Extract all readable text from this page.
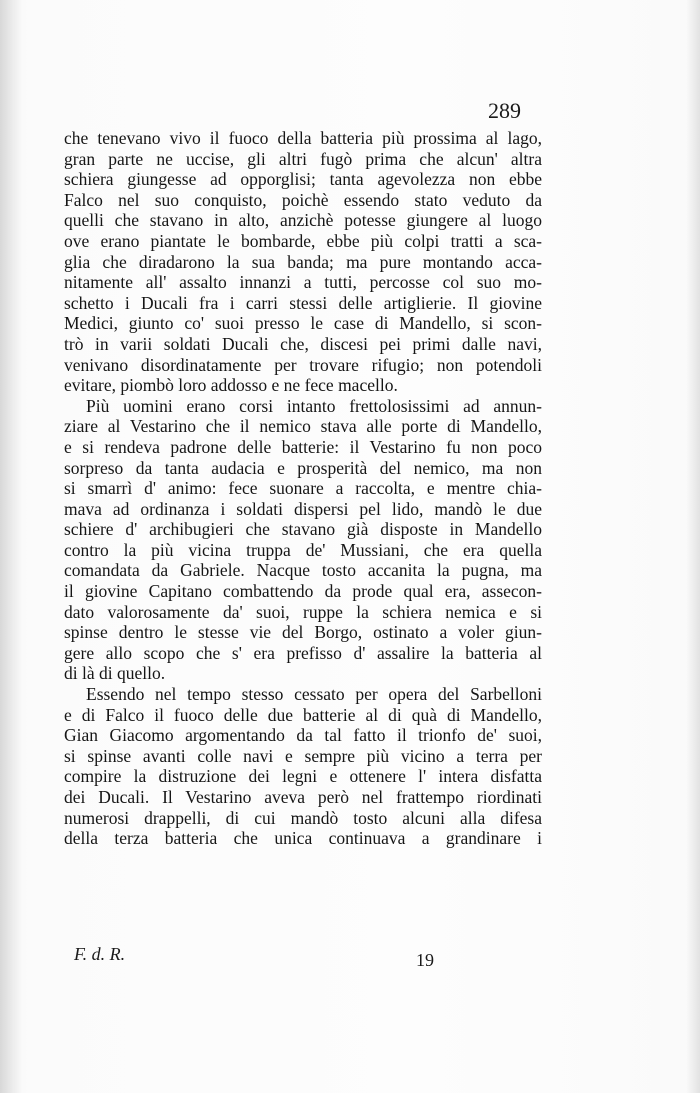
289
che tenevano vivo il fuoco della batteria più prossima al lago,
gran parte ne uccise, gli altri fugò prima che alcun' altra
schiera giungesse ad opporglisi; tanta agevolezza non ebbe
Falco nel suo conquisto, poichè essendo stato veduto da
quelli che stavano in alto, anzichè potesse giungere al luogo
ove erano piantate le bombarde, ebbe più colpi tratti a sca-
glia che diradarono la sua banda; ma pure montando acca-
nitamente all' assalto innanzi a tutti, percosse col suo mo-
schetto i Ducali fra i carri stessi delle artiglierie. Il giovine
Medici, giunto co' suoi presso le case di Mandello, si scon-
trò in varii soldati Ducali che, discesi pei primi dalle navi,
venivano disordinatamente per trovare rifugio; non potendoli
evitare, piombò loro addosso e ne fece macello.
Più uomini erano corsi intanto frettolosissimi ad annun-
ziare al Vestarino che il nemico stava alle porte di Mandello,
e si rendeva padrone delle batterie: il Vestarino fu non poco
sorpreso da tanta audacia e prosperità del nemico, ma non
si smarrì d' animo: fece suonare a raccolta, e mentre chia-
mava ad ordinanza i soldati dispersi pel lido, mandò le due
schiere d' archibugieri che stavano già disposte in Mandello
contro la più vicina truppa de' Mussiani, che era quella
comandata da Gabriele. Nacque tosto accanita la pugna, ma
il giovine Capitano combattendo da prode qual era, assecon-
dato valorosamente da' suoi, ruppe la schiera nemica e si
spinse dentro le stesse vie del Borgo, ostinato a voler giun-
gere allo scopo che s' era prefisso d' assalire la batteria al
di là di quello.
Essendo nel tempo stesso cessato per opera del Sarbelloni
e di Falco il fuoco delle due batterie al di quà di Mandello,
Gian Giacomo argomentando da tal fatto il trionfo de' suoi,
si spinse avanti colle navi e sempre più vicino a terra per
compire la distruzione dei legni e ottenere l' intera disfatta
dei Ducali. Il Vestarino aveva però nel frattempo riordinati
numerosi drappelli, di cui mandò tosto alcuni alla difesa
della terza batteria che unica continuava a grandinare i
F. d. R.	19
